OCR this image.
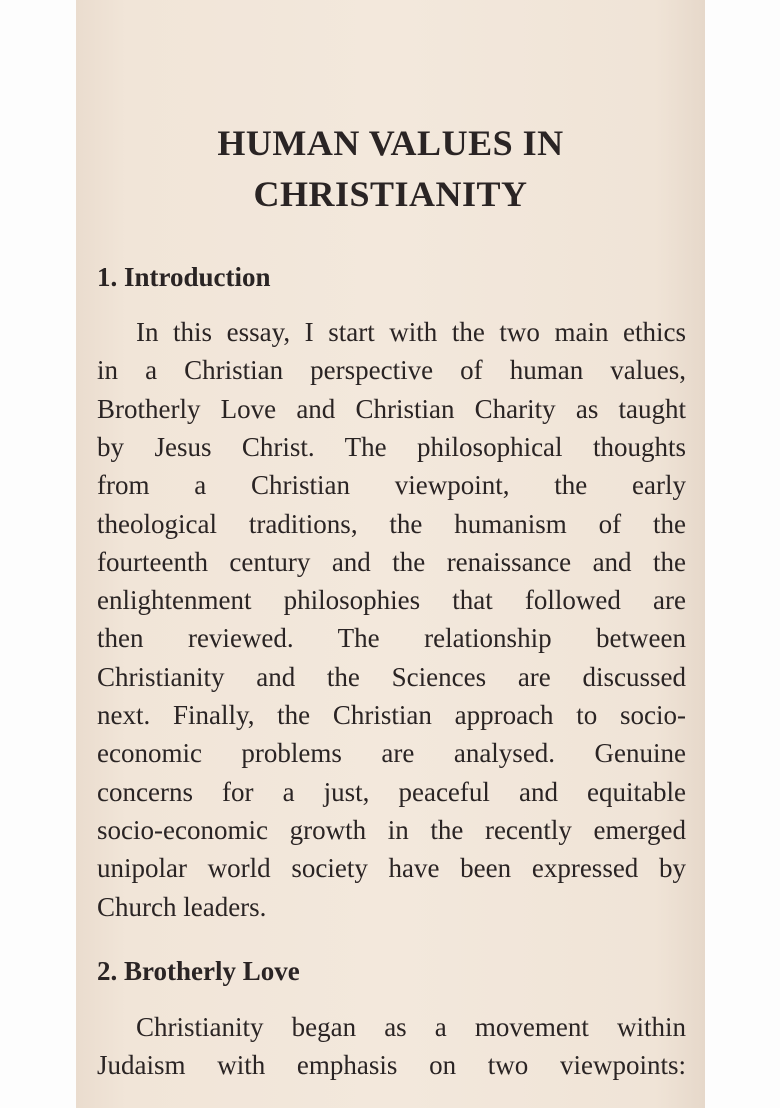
HUMAN VALUES IN
CHRISTIANITY
1. Introduction
In this essay, I start with the two main ethics
in a Christian perspective of human values,
Brotherly Love and Christian Charity as taught
by Jesus Christ. The philosophical thoughts
from a Christian viewpoint, the early
theological traditions, the humanism of the
fourteenth century and the renaissance and the
enlightenment philosophies that followed are
then reviewed. The relationship between
Christianity and the Sciences are discussed
next. Finally, the Christian approach to socio-
economic problems are analysed. Genuine
concerns for a just, peaceful and equitable
socio-economic growth in the recently emerged
unipolar world society have been expressed by
Church leaders.
2. Brotherly Love
Christianity began as a movement within
Judaism with emphasis on two viewpoints:
